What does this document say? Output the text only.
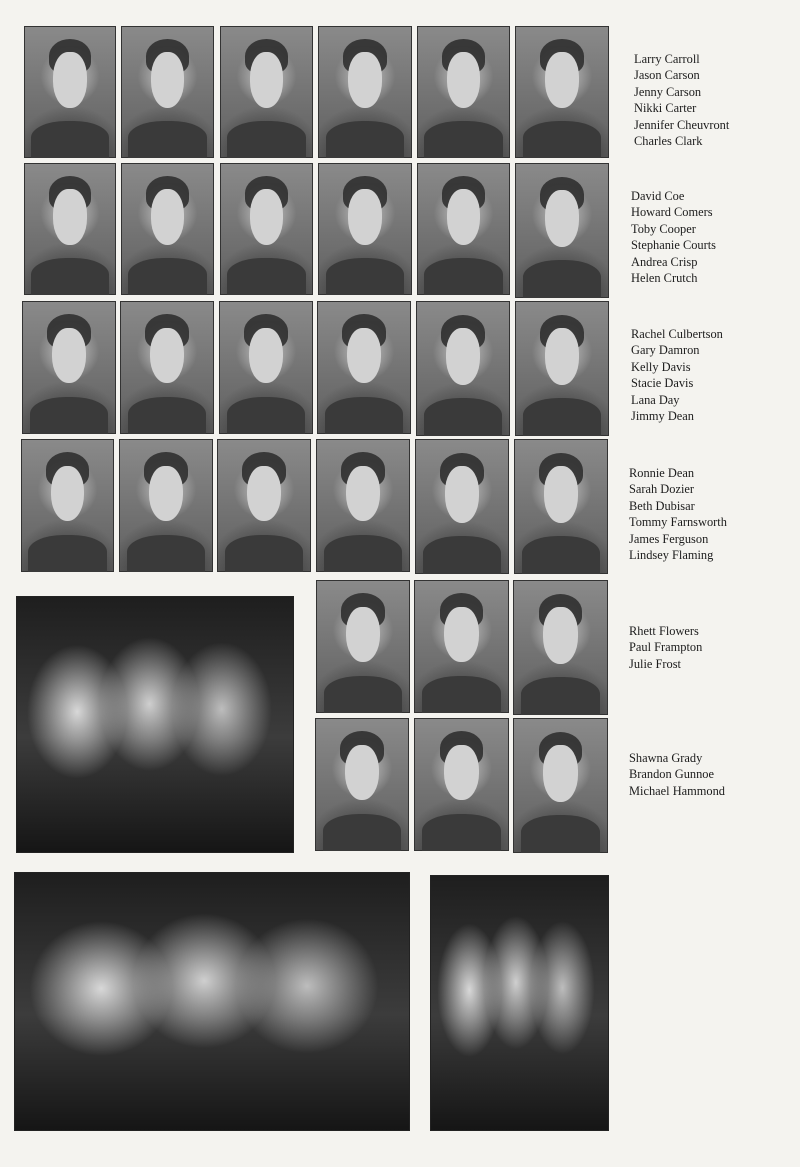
Larry Carroll
Jason Carson
Jenny Carson
Nikki Carter
Jennifer Cheuvront
Charles Clark
David Coe
Howard Comers
Toby Cooper
Stephanie Courts
Andrea Crisp
Helen Crutch
Rachel Culbertson
Gary Damron
Kelly Davis
Stacie Davis
Lana Day
Jimmy Dean
Ronnie Dean
Sarah Dozier
Beth Dubisar
Tommy Farnsworth
James Ferguson
Lindsey Flaming
Rhett Flowers
Paul Frampton
Julie Frost
Shawna Grady
Brandon Gunnoe
Michael Hammond
